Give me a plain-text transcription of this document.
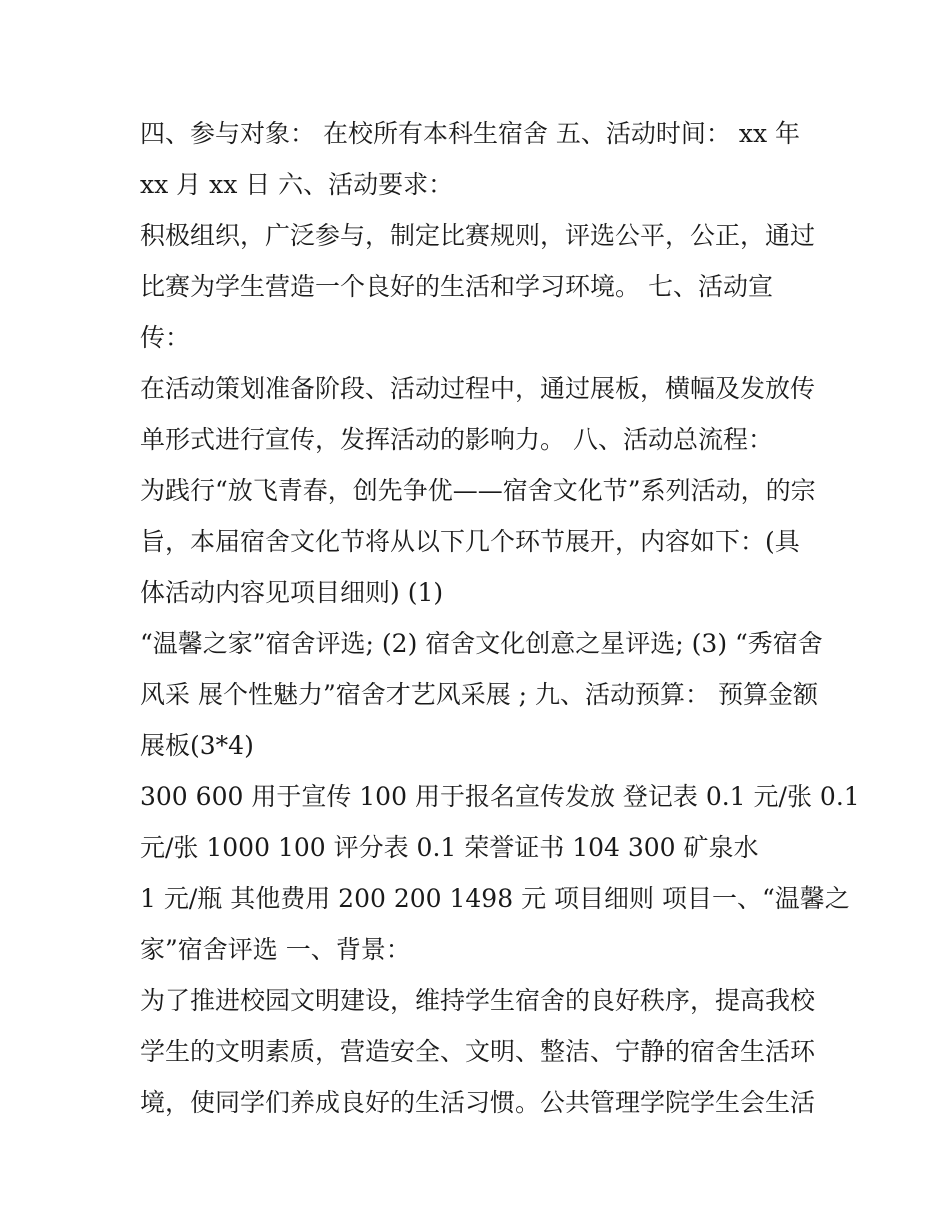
四、参与对象： 在校所有本科生宿舍 五、活动时间： xx 年
xx 月 xx 日 六、活动要求：
积极组织，广泛参与，制定比赛规则，评选公平，公正，通过
比赛为学生营造一个良好的生活和学习环境。 七、活动宣
传：
在活动策划准备阶段、活动过程中，通过展板，横幅及发放传
单形式进行宣传，发挥活动的影响力。 八、活动总流程：
为践行“放飞青春，创先争优——宿舍文化节”系列活动，的宗
旨，本届宿舍文化节将从以下几个环节展开，内容如下：(具
体活动内容见项目细则) (1)
“温馨之家”宿舍评选; (2) 宿舍文化创意之星评选; (3) “秀宿舍
风采 展个性魅力”宿舍才艺风采展 ; 九、活动预算： 预算金额
展板(3*4)
300 600 用于宣传 100 用于报名宣传发放 登记表 0.1 元/张 0.1
元/张 1000 100 评分表 0.1 荣誉证书 104 300 矿泉水
1 元/瓶 其他费用 200 200 1498 元 项目细则 项目一、“温馨之
家”宿舍评选 一、背景：
为了推进校园文明建设，维持学生宿舍的良好秩序，提高我校
学生的文明素质，营造安全、文明、整洁、宁静的宿舍生活环
境，使同学们养成良好的生活习惯。公共管理学院学生会生活
